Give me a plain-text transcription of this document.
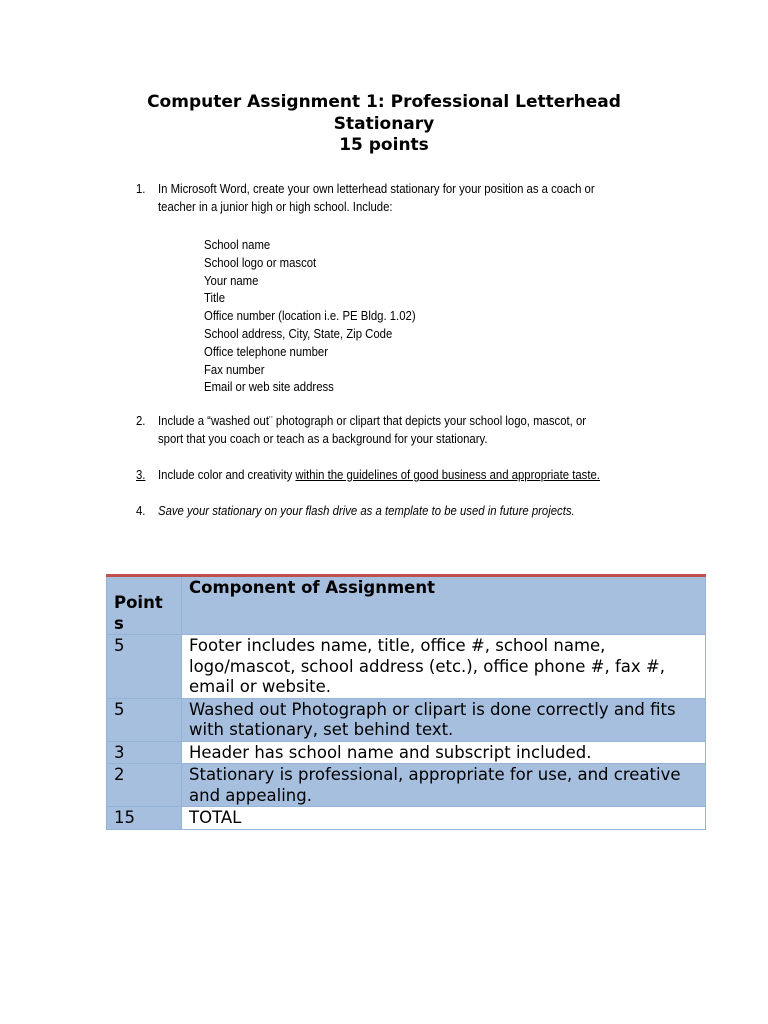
Computer Assignment 1: Professional Letterhead
Stationary
15 points
1. In Microsoft Word, create your own letterhead stationary for your position as a coach or
teacher in a junior high or high school. Include:
School name
School logo or mascot
Your name
Title
Office number (location i.e. PE Bldg. 1.02)
School address, City, State, Zip Code
Office telephone number
Fax number
Email or web site address
2. Include a “washed out¨ photograph or clipart that depicts your school logo, mascot, or
sport that you coach or teach as a background for your stationary.
3. Include color and creativity within the guidelines of good business and appropriate taste.
4. Save your stationary on your flash drive as a template to be used in future projects.
Point
s	Component of Assignment
5	Footer includes name, title, office #, school name, logo/mascot, school address (etc.), office phone #, fax #, email or website.
5	Washed out Photograph or clipart is done correctly and fits with stationary, set behind text.
3	Header has school name and subscript included.
2	Stationary is professional, appropriate for use, and creative and appealing.
15	TOTAL
